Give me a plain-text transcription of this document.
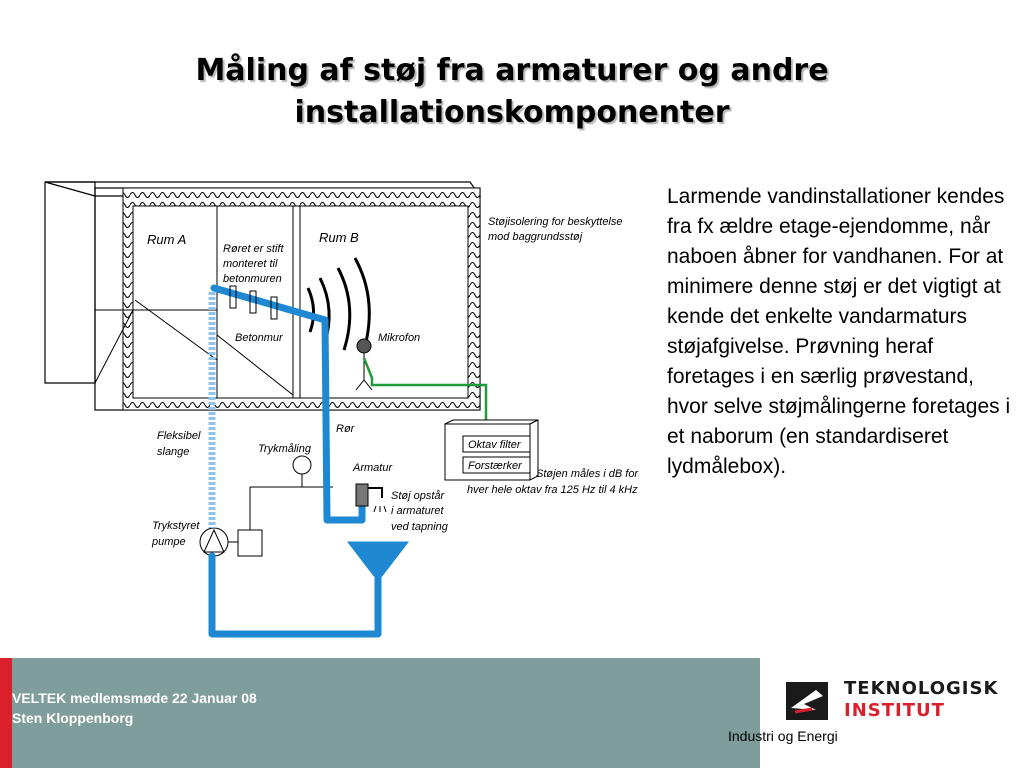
Måling af støj fra armaturer og andre
installationskomponenter
Rum A	Rum B
Støjisolering for beskyttelse
mod baggrundsstøj
Røret er stift
monteret til
betonmuren
Betonmur	Mikrofon
Rør
Oktav filter
Forstærker
Støjen måles i dB for
hver hele oktav fra 125 Hz til 4 kHz
Fleksibel
slange	Trykmåling
Armatur
Støj opstår
i armaturet
ved tapning
Trykstyret
pumpe

Larmende vandinstallationer kendes fra fx ældre etage-ejendomme, når naboen åbner for vandhanen. For at minimere denne støj er det vigtigt at kende det enkelte vandarmaturs støjafgivelse. Prøvning heraf foretages i en særlig prøvestand, hvor selve støjmålingerne foretages i et naborum (en standardiseret lydmålebox).

VELTEK medlemsmøde 22 Januar 08
Sten Kloppenborg
TEKNOLOGISK
INSTITUT
Industri og Energi
